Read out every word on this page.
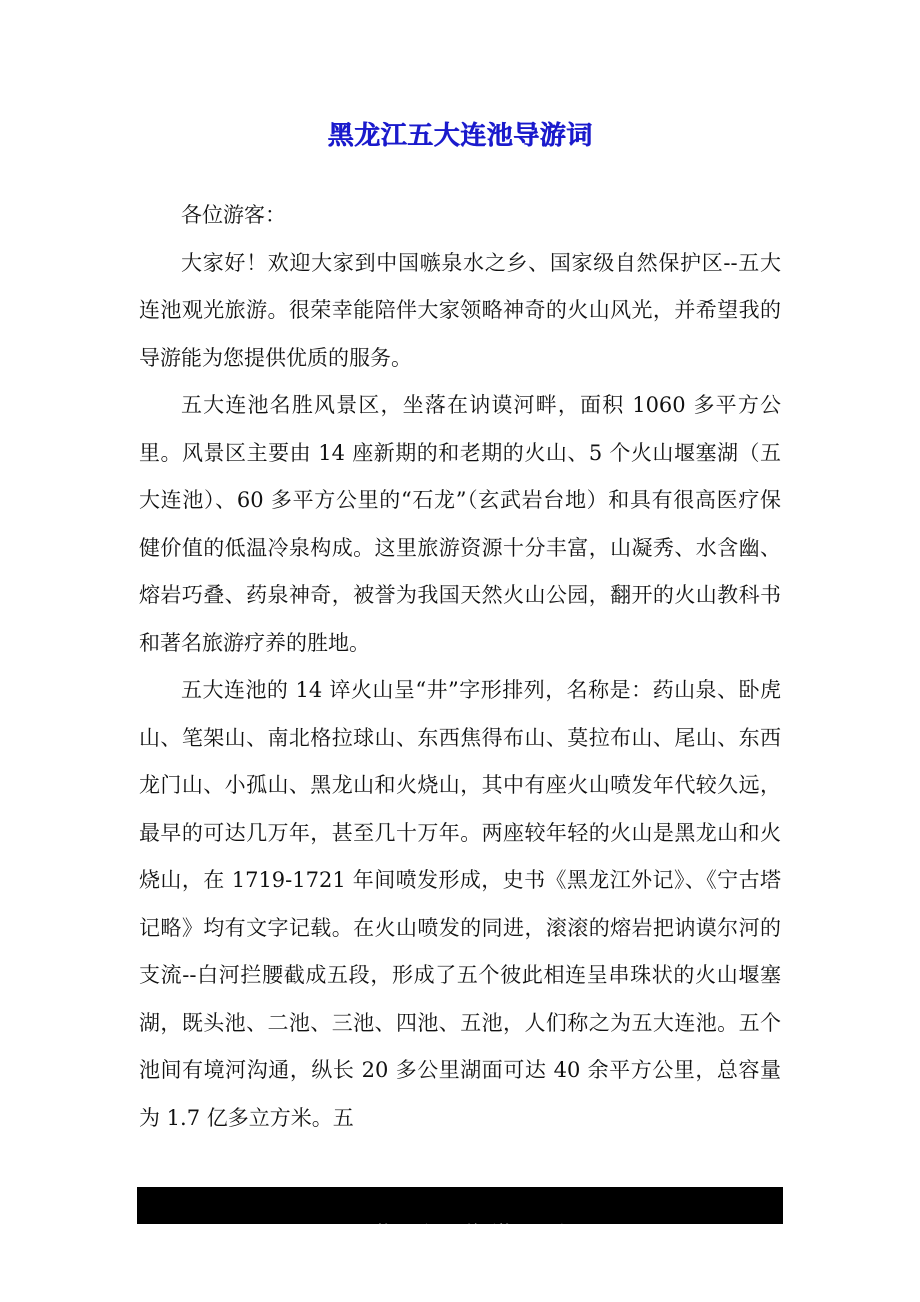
黑龙江五大连池导游词

各位游客：

大家好！欢迎大家到中国嗾泉水之乡、国家级自然保护区--五大连池观光旅游。很荣幸能陪伴大家领略神奇的火山风光，并希望我的导游能为您提供优质的服务。

五大连池名胜风景区，坐落在讷谟河畔，面积 1060 多平方公里。风景区主要由 14 座新期的和老期的火山、5 个火山堰塞湖（五大连池）、60 多平方公里的“石龙”（玄武岩台地）和具有很高医疗保健价值的低温冷泉构成。这里旅游资源十分丰富，山凝秀、水含幽、熔岩巧叠、药泉神奇，被誉为我国天然火山公园，翻开的火山教科书和著名旅游疗养的胜地。

五大连池的 14 谇火山呈“井”字形排列，名称是：药山泉、卧虎山、笔架山、南北格拉球山、东西焦得布山、莫拉布山、尾山、东西龙门山、小孤山、黑龙山和火烧山，其中有座火山喷发年代较久远，最早的可达几万年，甚至几十万年。两座较年轻的火山是黑龙山和火烧山，在 1719-1721 年间喷发形成，史书《黑龙江外记》、《宁古塔记略》均有文字记载。在火山喷发的同进，滚滚的熔岩把讷谟尔河的支流--白河拦腰截成五段，形成了五个彼此相连呈串珠状的火山堰塞湖，既头池、二池、三池、四池、五池，人们称之为五大连池。五个池间有境河沟通，纵长 20 多公里湖面可达 40 余平方公里，总容量为 1.7 亿多立方米。五

第 1 页   /   总页数 40  页
